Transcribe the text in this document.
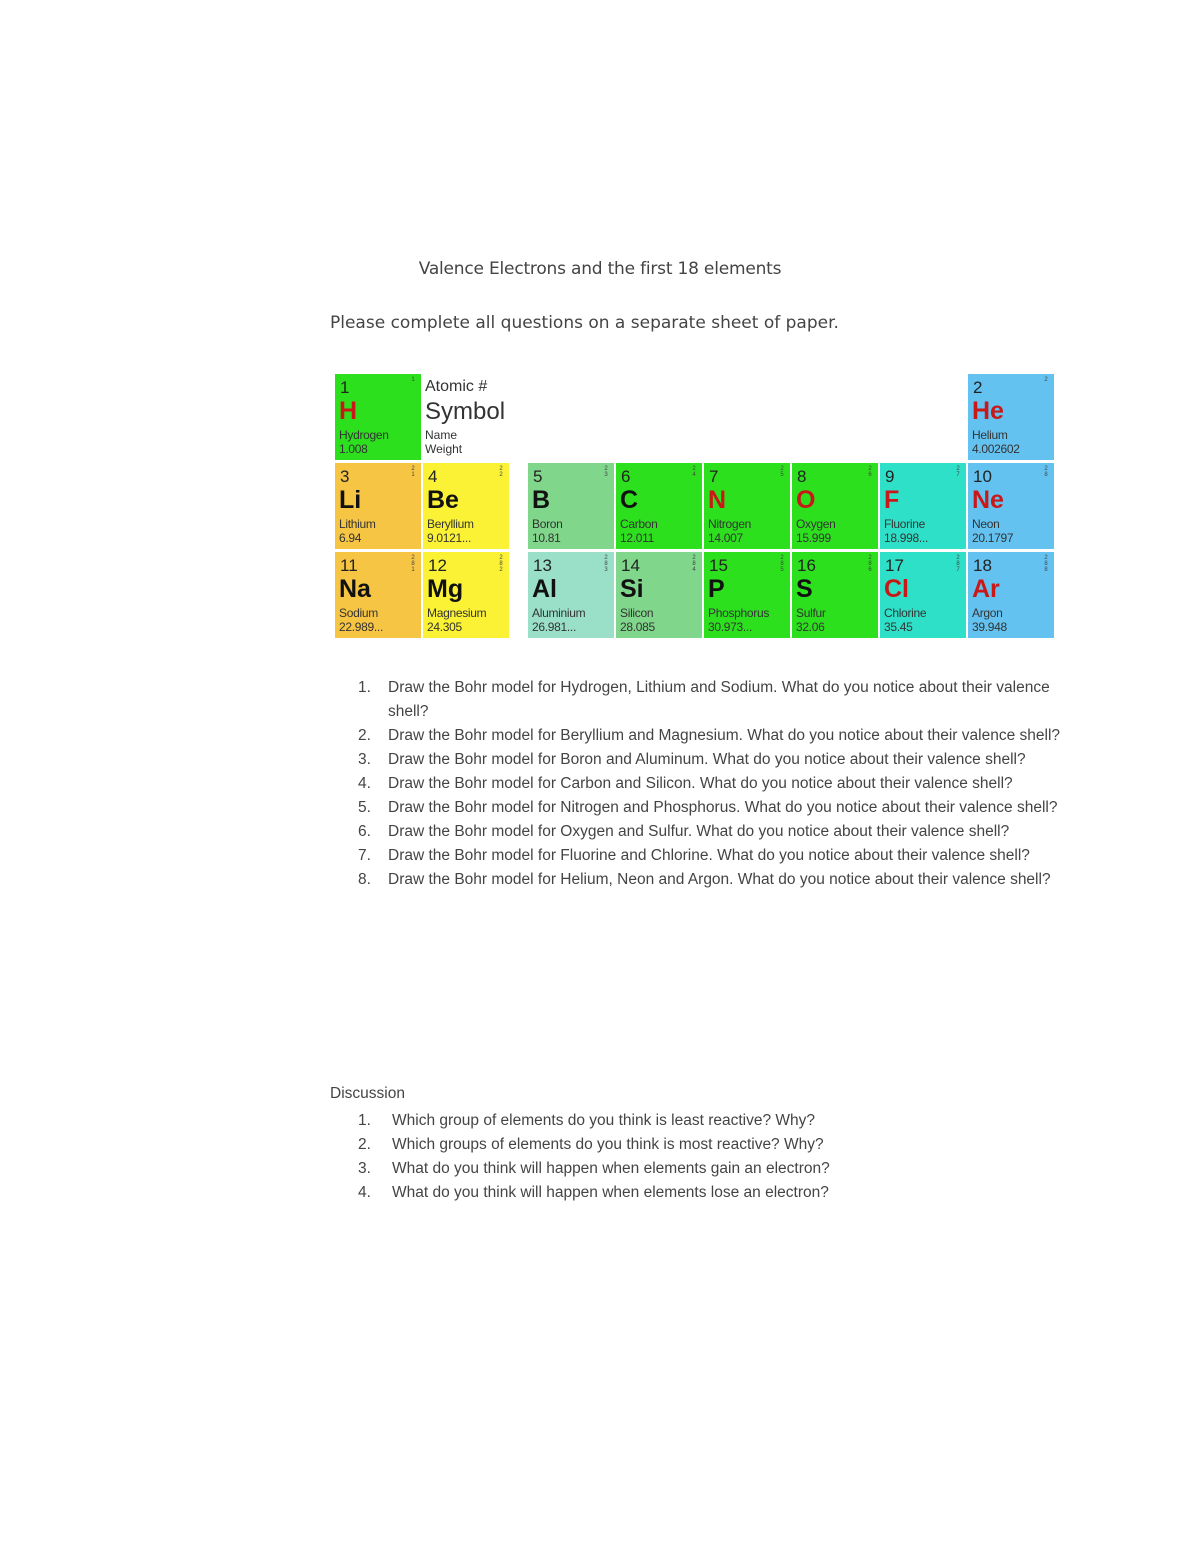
Valence Electrons and the first 18 elements
Please complete all questions on a separate sheet of paper.
Atomic #
Symbol
Name
Weight
1	1
H
Hydrogen
1.008
2	2
He
Helium
4.002602
3	21
Li
Lithium
6.94
4	22
Be
Beryllium
9.0121...
5	23
B
Boron
10.81
6	24
C
Carbon
12.011
7	25
N
Nitrogen
14.007
8	26
O
Oxygen
15.999
9	27
F
Fluorine
18.998...
10	28
Ne
Neon
20.1797
11	281
Na
Sodium
22.989...
12	282
Mg
Magnesium
24.305
13	283
Al
Aluminium
26.981...
14	284
Si
Silicon
28.085
15	285
P
Phosphorus
30.973...
16	286
S
Sulfur
32.06
17	287
Cl
Chlorine
35.45
18	288
Ar
Argon
39.948
1. Draw the Bohr model for Hydrogen, Lithium and Sodium. What do you notice about their valence shell?
2. Draw the Bohr model for Beryllium and Magnesium. What do you notice about their valence shell?
3. Draw the Bohr model for Boron and Aluminum. What do you notice about their valence shell?
4. Draw the Bohr model for Carbon and Silicon. What do you notice about their valence shell?
5. Draw the Bohr model for Nitrogen and Phosphorus. What do you notice about their valence shell?
6. Draw the Bohr model for Oxygen and Sulfur. What do you notice about their valence shell?
7. Draw the Bohr model for Fluorine and Chlorine. What do you notice about their valence shell?
8. Draw the Bohr model for Helium, Neon and Argon. What do you notice about their valence shell?
Discussion
1. Which group of elements do you think is least reactive? Why?
2. Which groups of elements do you think is most reactive? Why?
3. What do you think will happen when elements gain an electron?
4. What do you think will happen when elements lose an electron?
